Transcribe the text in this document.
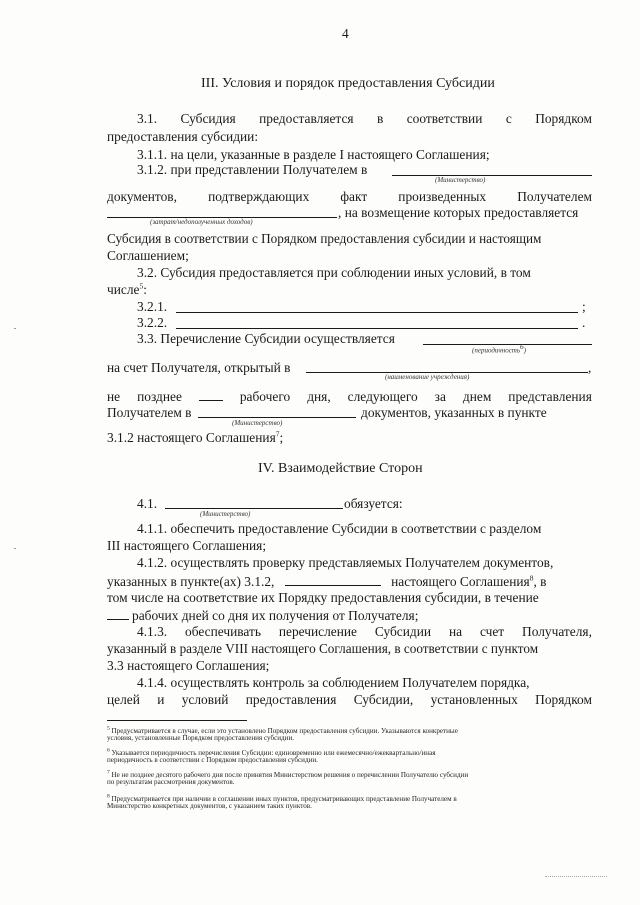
4
III. Условия и порядок предоставления Субсидии
3.1. Субсидия предоставляется в соответствии с Порядком
предоставления субсидии:
3.1.1. на цели, указанные в разделе I настоящего Соглашения;
3.1.2. при представлении Получателем в
(Министерство)
документов, подтверждающих факт произведенных Получателем
, на возмещение которых предоставляется
(затрат/недополученных доходов)
Субсидия в соответствии с Порядком предоставления субсидии и настоящим
Соглашением;
3.2. Субсидия предоставляется при соблюдении иных условий, в том
числе$^5$:
3.2.1.	;
3.2.2.	.
3.3. Перечисление Субсидии осуществляется
(периодичность$^6$)
на счет Получателя, открытый в	,
(наименование учреждения)
не позднее	рабочего дня, следующего за днем представления
Получателем в	документов, указанных в пункте
(Министерство)
3.1.2 настоящего Соглашения$^7$;
IV. Взаимодействие Сторон
4.1.	обязуется:
(Министерство)
4.1.1. обеспечить предоставление Субсидии в соответствии с разделом
III настоящего Соглашения;
4.1.2. осуществлять проверку представляемых Получателем документов,
указанных в пункте(ах) 3.1.2,	настоящего Соглашения$^8$, в
том числе на соответствие их Порядку предоставления субсидии, в течение
рабочих дней со дня их получения от Получателя;
4.1.3. обеспечивать перечисление Субсидии на счет Получателя,
указанный в разделе VIII настоящего Соглашения, в соответствии с пунктом
3.3 настоящего Соглашения;
4.1.4. осуществлять контроль за соблюдением Получателем порядка,
целей и условий предоставления Субсидии, установленных Порядком
$^5$ Предусматривается в случае, если это установлено Порядком предоставления субсидии. Указываются конкретные
условия, установленные Порядком предоставления субсидии.
$^6$ Указывается периодичность перечисления Субсидии: единовременно или ежемесячно/ежеквартально/иная
периодичность в соответствии с Порядком предоставления субсидии.
$^7$ Не не позднее десятого рабочего дня после принятия Министерством решения о перечислении Получателю субсидии
по результатам рассмотрения документов.
$^8$ Предусматривается при наличии в соглашении иных пунктов, предусматривающих представление Получателем в
Министерство конкретных документов, с указанием таких пунктов.
